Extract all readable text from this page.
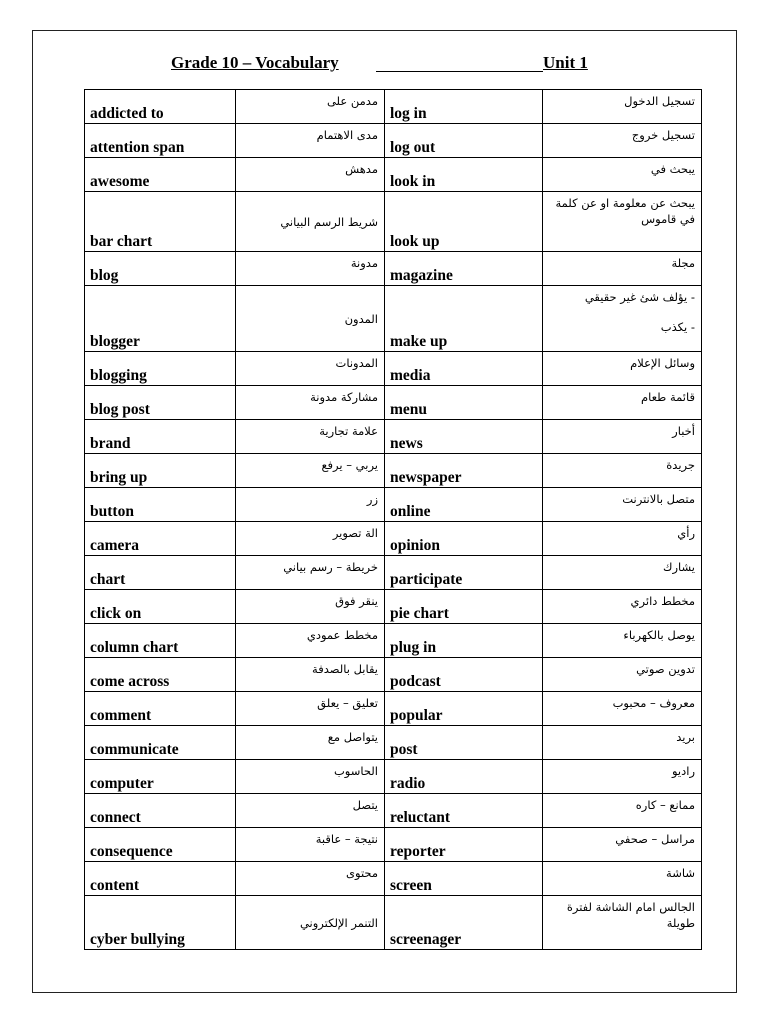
Grade 10 – Vocabulary	Unit 1
addicted to	مدمن على	log in	تسجيل الدخول
attention span	مدى الاهتمام	log out	تسجيل خروج
awesome	مدهش	look in	يبحث في
bar chart	شريط الرسم البياني	look up	يبحث عن معلومة او عن كلمة في قاموس
blog	مدونة	magazine	مجلة
blogger	المدون	make up	- يؤلف شئ غير حقيقي
- يكذب
blogging	المدونات	media	وسائل الإعلام
blog post	مشاركة مدونة	menu	قائمة طعام
brand	علامة تجارية	news	أخبار
bring up	يربي – يرفع	newspaper	جريدة
button	زر	online	متصل بالانترنت
camera	الة تصوير	opinion	رأي
chart	خريطة – رسم بياني	participate	يشارك
click on	ينقر فوق	pie chart	مخطط دائري
column chart	مخطط عمودي	plug in	يوصل بالكهرباء
come across	يقابل بالصدفة	podcast	تدوين صوتي
comment	تعليق – يعلق	popular	معروف – محبوب
communicate	يتواصل مع	post	بريد
computer	الحاسوب	radio	راديو
connect	يتصل	reluctant	ممانع – كاره
consequence	نتيجة – عاقبة	reporter	مراسل – صحفي
content	محتوى	screen	شاشة
cyber bullying	التنمر الإلكتروني	screenager	الجالس امام الشاشة لفترة طويلة
